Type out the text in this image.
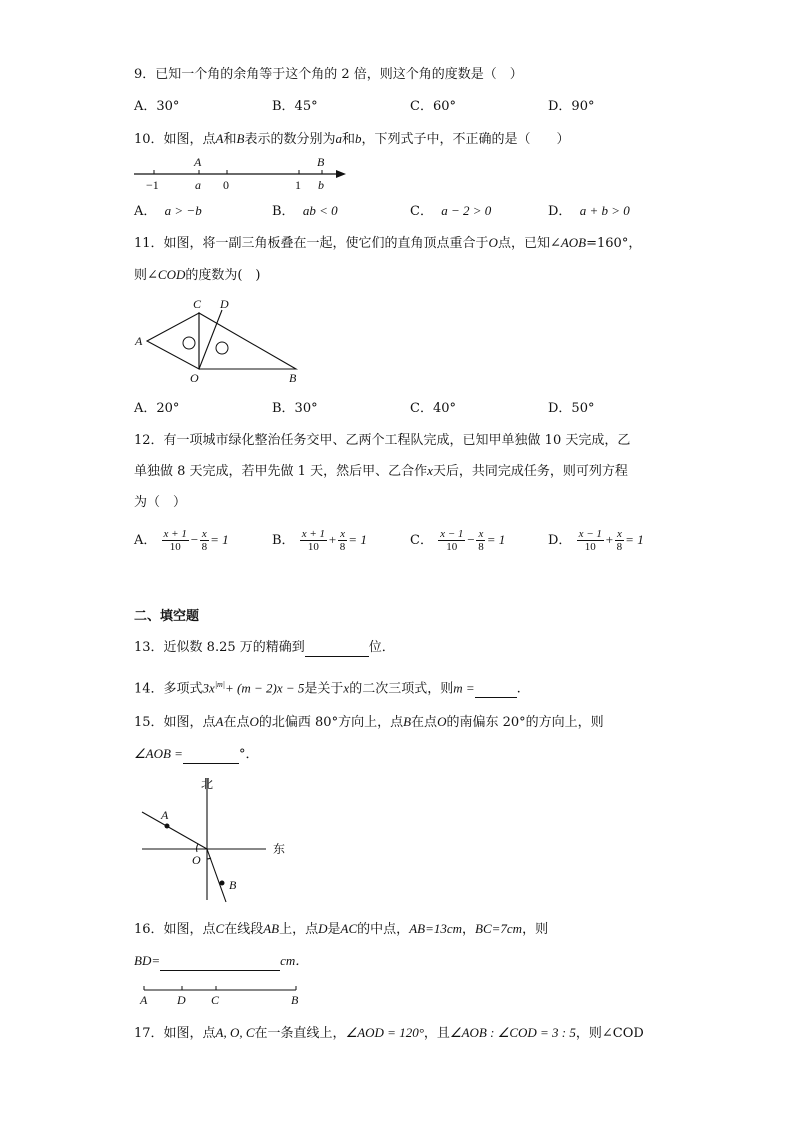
9．已知一个角的余角等于这个角的 2 倍，则这个角的度数是（　）
A．30°	B．45°	C．60°	D．90°
10．如图，点A和B表示的数分别为a和b，下列式子中，不正确的是（　　）
A	B
−1	a 0	1 b
A． a > −b	B． ab < 0	C． a − 2 > 0	D． a + b > 0
11．如图，将一副三角板叠在一起，使它们的直角顶点重合于O点，已知∠AOB=160°，
则∠COD的度数为(　)
C D
A
O	B
A．20°	B．30°	C．40°	D．50°
12．有一项城市绿化整治任务交甲、乙两个工程队完成，已知甲单独做 10 天完成，乙
单独做 8 天完成，若甲先做 1 天，然后甲、乙合作x天后，共同完成任务，则可列方程
为（　）
A． $\frac{x + 1}{10} - \frac{x}{8} = 1$	B． $\frac{x + 1}{10} + \frac{x}{8} = 1$	C． $\frac{x - 1}{10} - \frac{x}{8} = 1$	D． $\frac{x - 1}{10} + \frac{x}{8} = 1$
二、填空题
13．近似数 8.25 万的精确到	位．
14．多项式$3x^{|m|}+ (m - 2)x - 5$是关于x的二次三项式，则m =	.
15．如图，点A在点O的北偏西 80°方向上，点B在点O的南偏东 20°的方向上，则
∠AOB =	°．
北
东
A
O
B
16．如图，点C在线段AB上，点D是AC的中点，AB=13cm，BC=7cm，则
BD=	cm．
A D C	B
17．如图，点A, O, C在一条直线上，∠AOD = 120°，且∠AOB : ∠COD = 3 : 5，则∠COD
